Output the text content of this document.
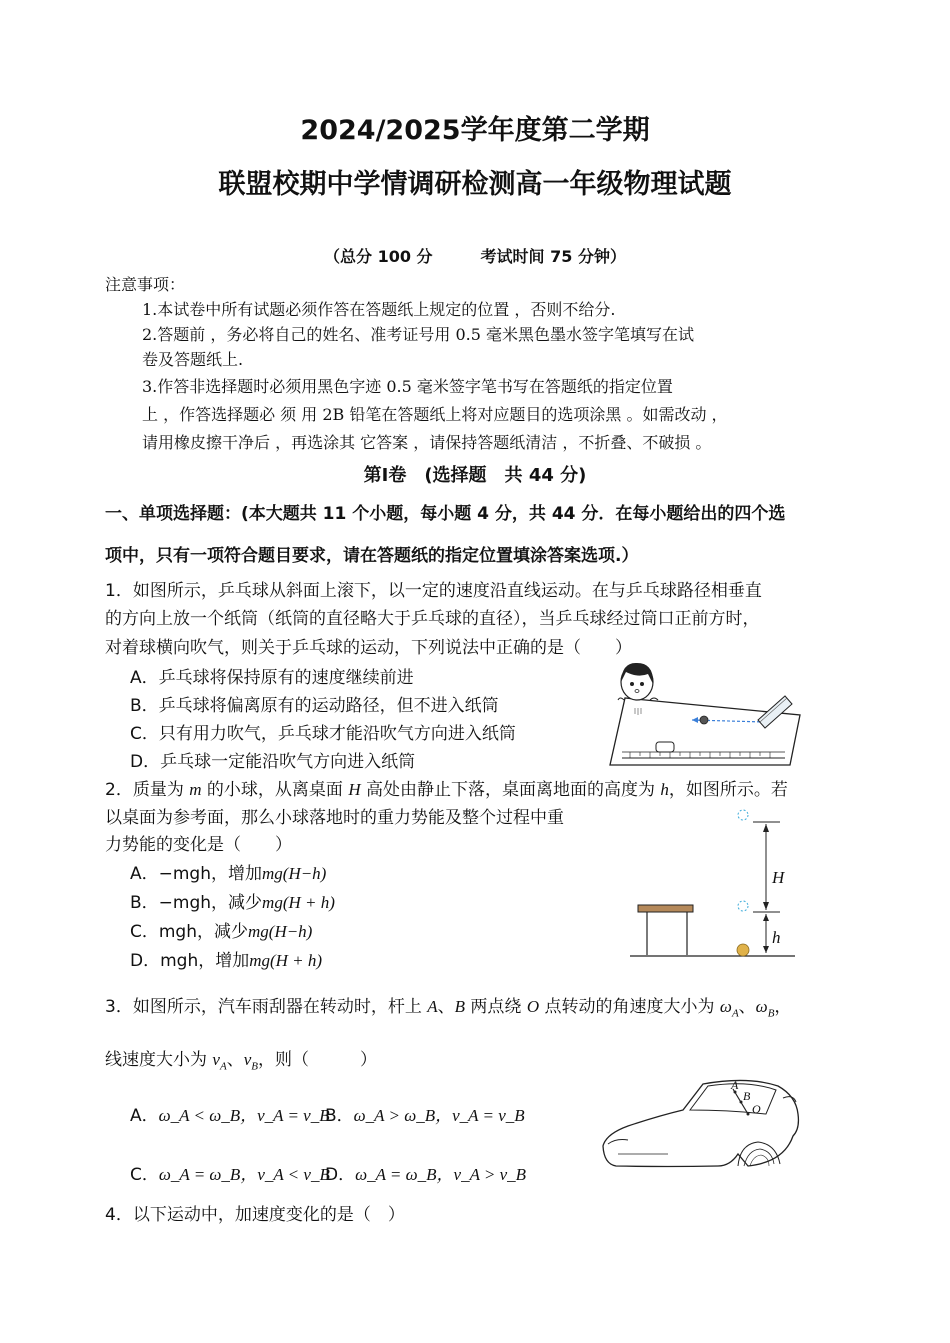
2024/2025学年度第二学期
联盟校期中学情调研检测高一年级物理试题
（总分 100 分　　　考试时间 75 分钟）
注意事项：
1.本试卷中所有试题必须作答在答题纸上规定的位置 ，否则不给分.
2.答题前 ，务必将自己的姓名、准考证号用 0.5 毫米黑色墨水签字笔填写在试
卷及答题纸上.
3.作答非选择题时必须用黑色字迹 0.5 毫米签字笔书写在答题纸的指定位置
上 ，作答选择题必 须 用 2B 铅笔在答题纸上将对应题目的选项涂黑 。如需改动 ，
请用橡皮擦干净后 ，再选涂其 它答案 ，请保持答题纸清洁 ，不折叠、不破损 。
第Ⅰ卷　(选择题　共 44 分)
一、单项选择题：(本大题共 11 个小题，每小题 4 分，共 44 分．在每小题给出的四个选
项中，只有一项符合题目要求，请在答题纸的指定位置填涂答案选项.）
1．如图所示，乒乓球从斜面上滚下，以一定的速度沿直线运动。在与乒乓球路径相垂直
的方向上放一个纸筒（纸筒的直径略大于乒乓球的直径），当乒乓球经过筒口正前方时，
对着球横向吹气，则关于乒乓球的运动，下列说法中正确的是（　　）
A．乒乓球将保持原有的速度继续前进
B．乒乓球将偏离原有的运动路径，但不进入纸筒
C．只有用力吹气，乒乓球才能沿吹气方向进入纸筒
D．乒乓球一定能沿吹气方向进入纸筒
2．质量为 m 的小球，从离桌面 H 高处由静止下落，桌面离地面的高度为 h，如图所示。若
以桌面为参考面，那么小球落地时的重力势能及整个过程中重
力势能的变化是（　　）
A．−mgh，增加mg(H−h)
B．−mgh，减少mg(H + h)
C．mgh，减少mg(H−h)
D．mgh，增加mg(H + h)
H
h
3．如图所示，汽车雨刮器在转动时，杆上 A、B 两点绕 O 点转动的角速度大小为 $\omega_A$、$\omega_B$，
线速度大小为 $v_A$、$v_B$，则（　　　）
A．ω_A < ω_B，v_A = v_B
B．ω_A > ω_B，v_A = v_B
C．ω_A = ω_B，v_A < v_B
D．ω_A = ω_B，v_A > v_B
A
B
O
4．以下运动中，加速度变化的是（　）
